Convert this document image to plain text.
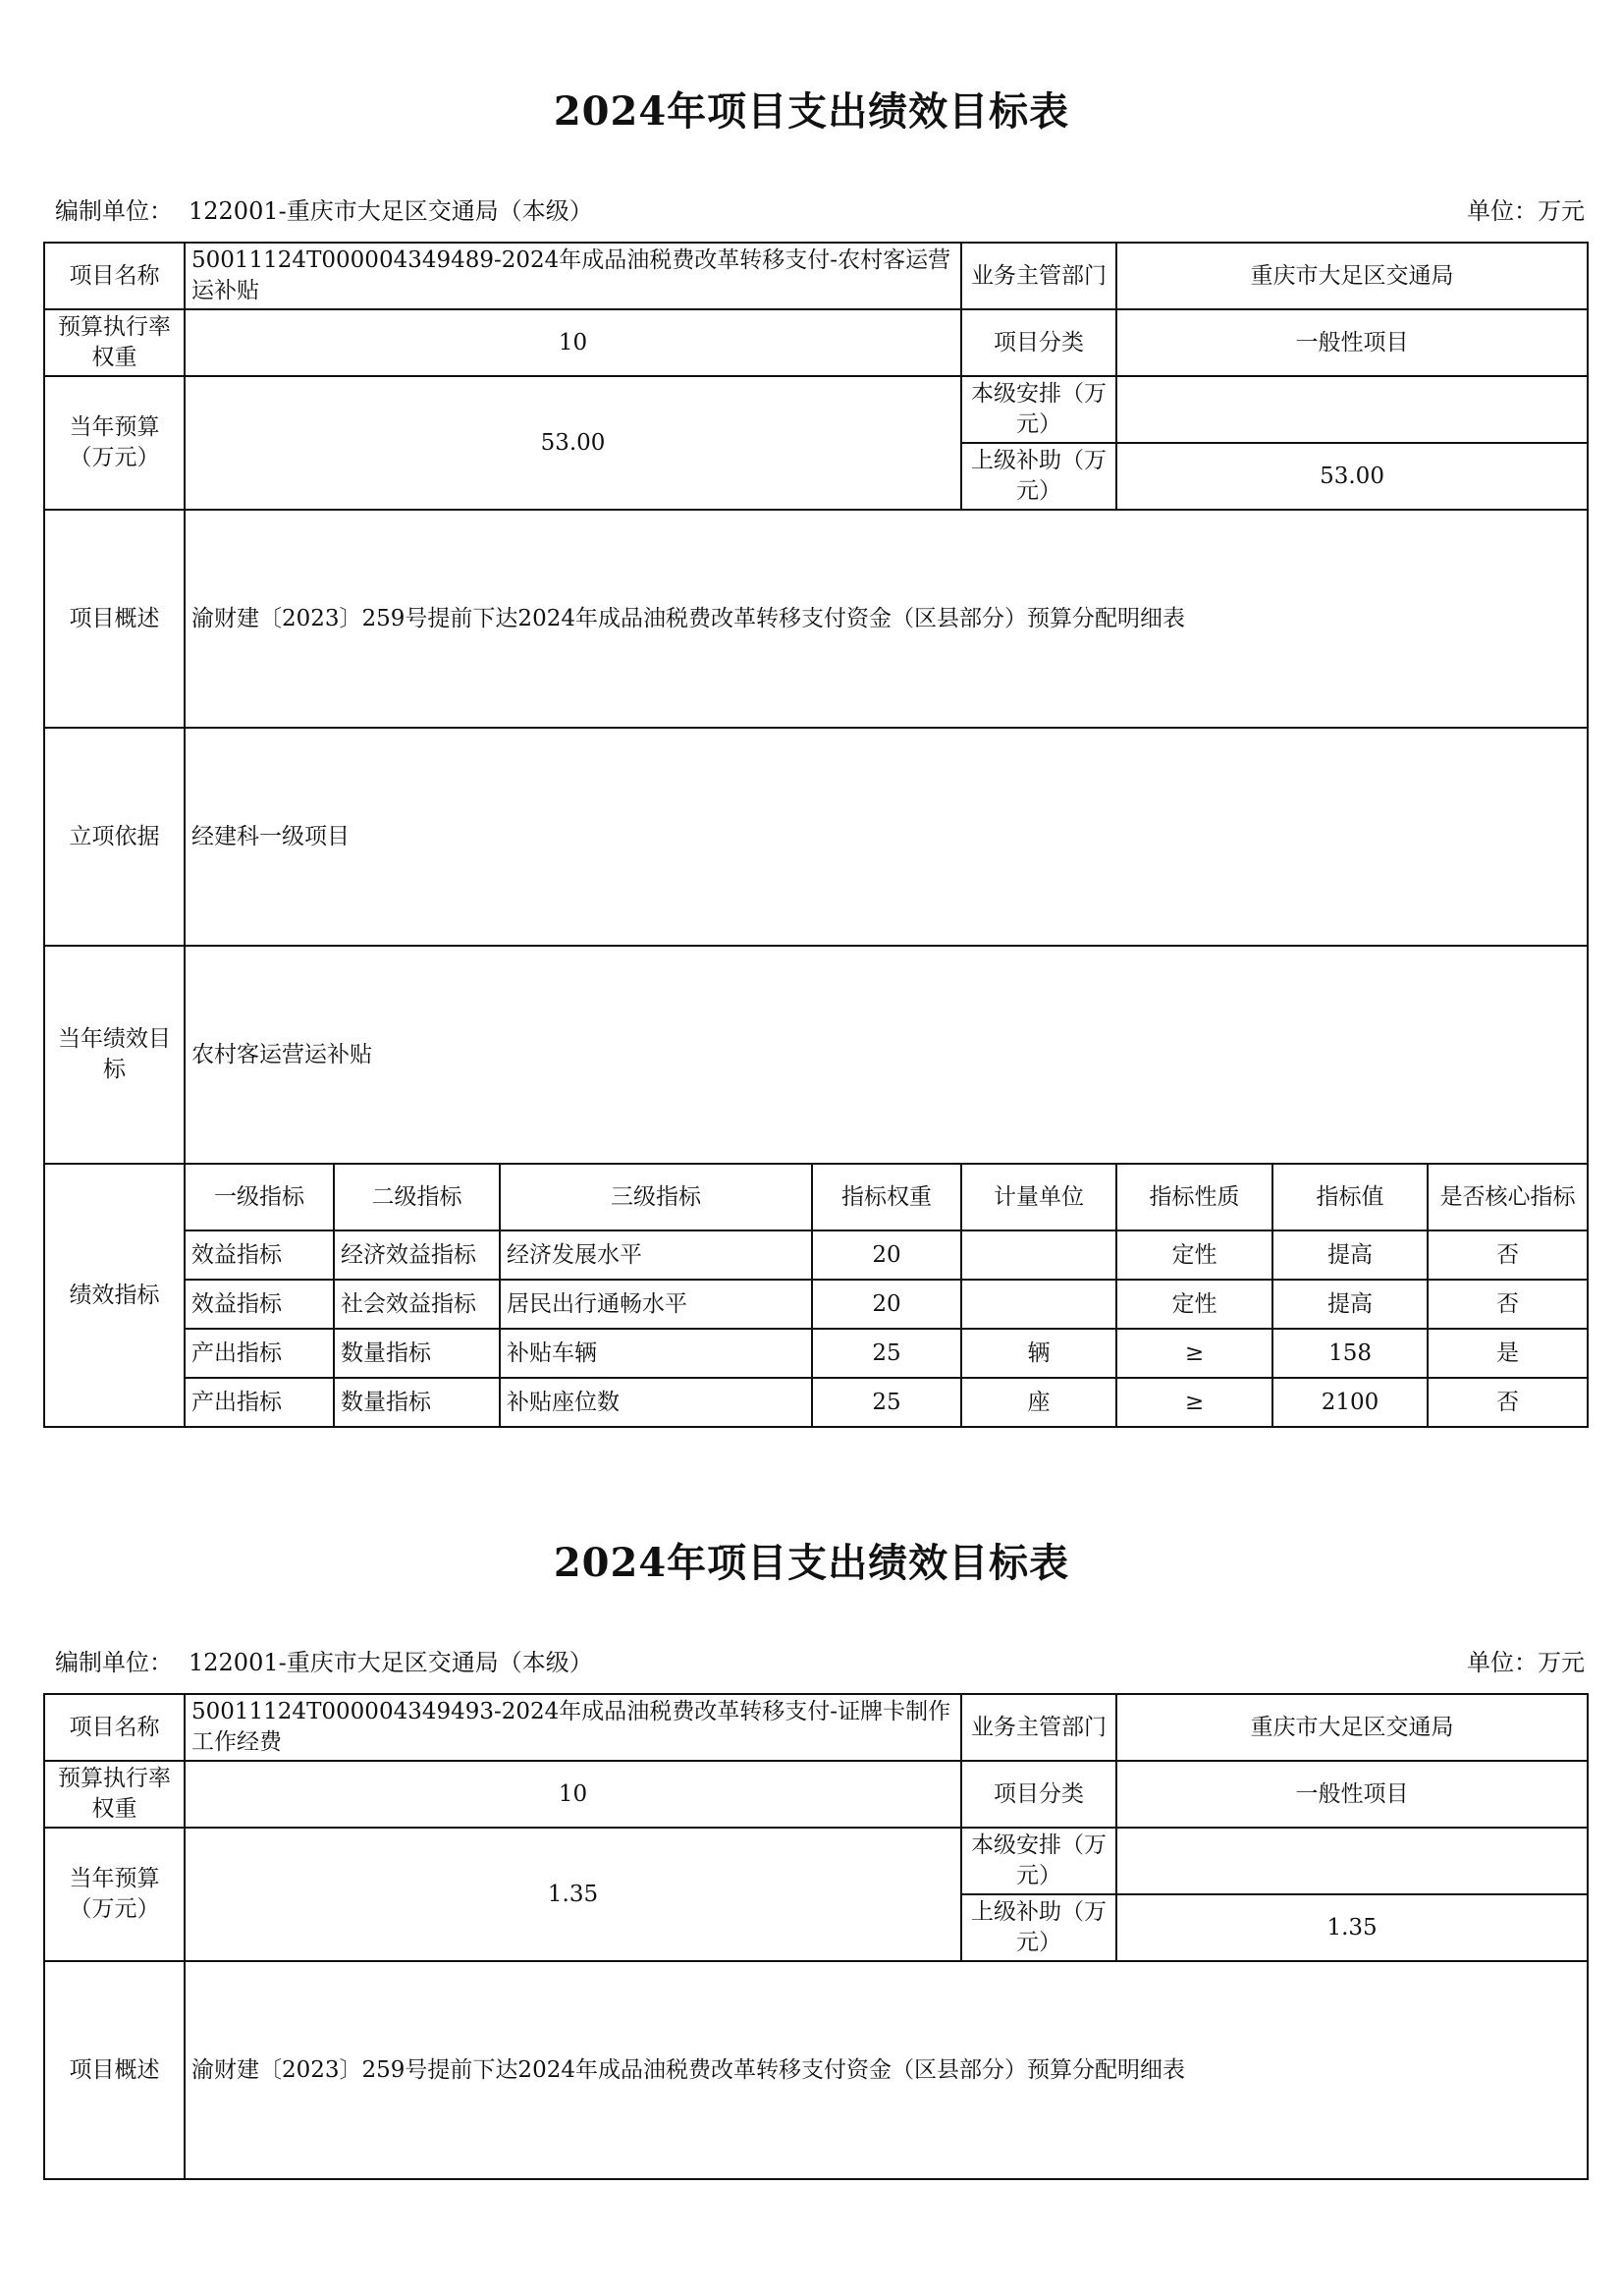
2024年项目支出绩效目标表
编制单位： 122001-重庆市大足区交通局（本级）	单位：万元
项目名称	50011124T000004349489-2024年成品油税费改革转移支付-农村客运营运补贴				业务主管部门	重庆市大足区交通局		
预算执行率权重	10				项目分类	一般性项目		
当年预算（万元）	53.00				本级安排（万元）			
					上级补助（万元）	53.00		
项目概述	渝财建〔2023〕259号提前下达2024年成品油税费改革转移支付资金（区县部分）预算分配明细表							
立项依据	经建科一级项目							
当年绩效目标	农村客运营运补贴							
绩效指标	一级指标	二级指标	三级指标	指标权重	计量单位	指标性质	指标值	是否核心指标
	效益指标	经济效益指标	经济发展水平	20		定性	提高	否
	效益指标	社会效益指标	居民出行通畅水平	20		定性	提高	否
	产出指标	数量指标	补贴车辆	25	辆	≥	158	是
	产出指标	数量指标	补贴座位数	25	座	≥	2100	否
2024年项目支出绩效目标表
编制单位： 122001-重庆市大足区交通局（本级）	单位：万元
项目名称	50011124T000004349493-2024年成品油税费改革转移支付-证牌卡制作工作经费	业务主管部门	重庆市大足区交通局
预算执行率权重	10	项目分类	一般性项目
当年预算（万元）	1.35	本级安排（万元）	
		上级补助（万元）	1.35
项目概述	渝财建〔2023〕259号提前下达2024年成品油税费改革转移支付资金（区县部分）预算分配明细表		
